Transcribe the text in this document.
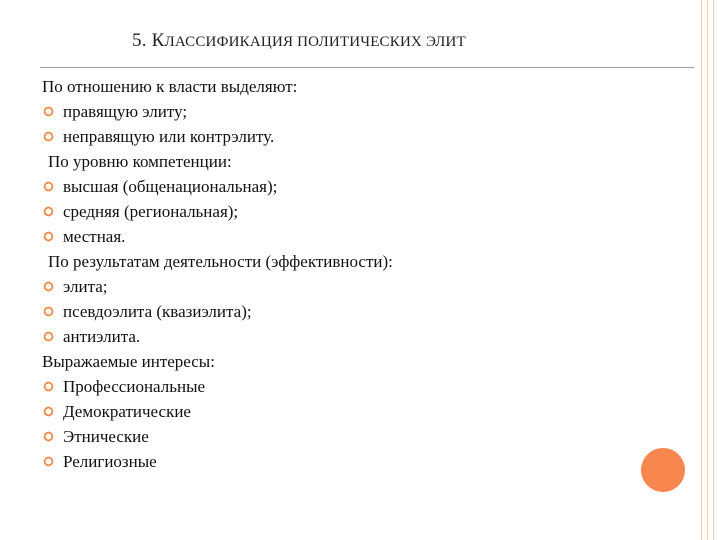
5. КЛАССИФИКАЦИЯ ПОЛИТИЧЕСКИХ ЭЛИТ
По отношению к власти выделяют:
правящую элиту;
неправящую или контрэлиту.
По уровню компетенции:
высшая (общенациональная);
средняя (региональная);
местная.
По результатам деятельности (эффективности):
элита;
псевдоэлита (квазиэлита);
антиэлита.
Выражаемые интересы:
Профессиональные
Демократические
Этнические
Религиозные
